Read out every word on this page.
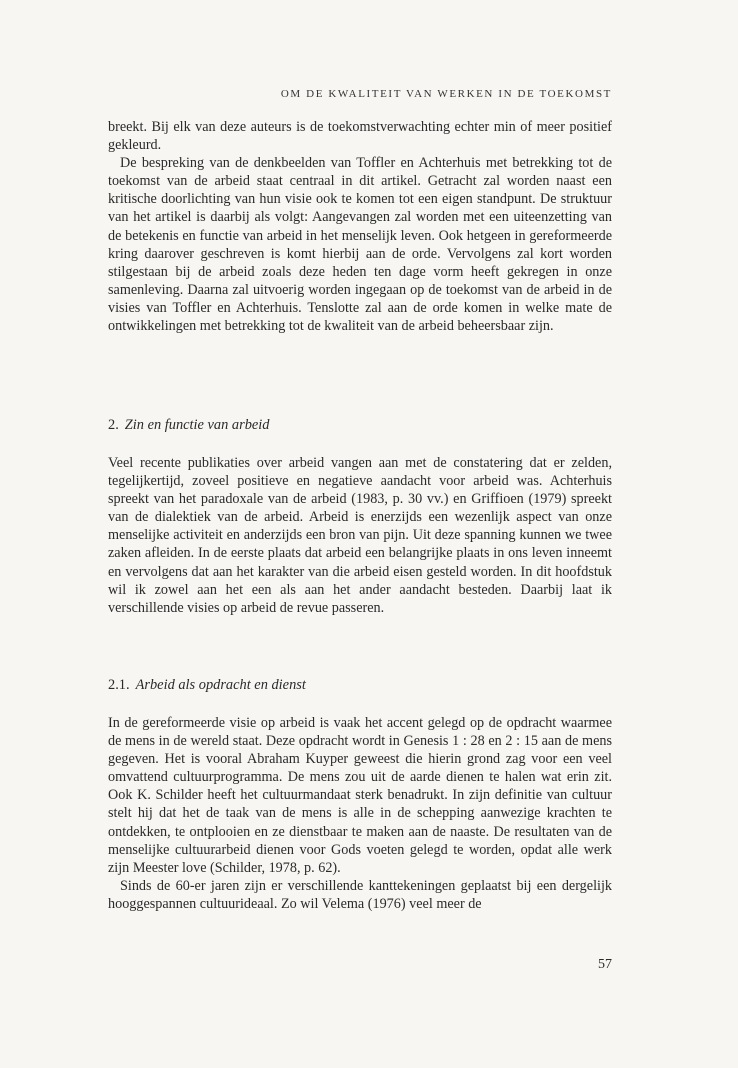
OM DE KWALITEIT VAN WERKEN IN DE TOEKOMST

breekt. Bij elk van deze auteurs is de toekomstverwachting echter min of meer positief gekleurd.

De bespreking van de denkbeelden van Toffler en Achterhuis met betrekking tot de toekomst van de arbeid staat centraal in dit artikel. Getracht zal worden naast een kritische doorlichting van hun visie ook te komen tot een eigen standpunt. De struktuur van het artikel is daarbij als volgt: Aangevangen zal worden met een uiteenzetting van de betekenis en functie van arbeid in het menselijk leven. Ook hetgeen in gereformeerde kring daarover geschreven is komt hierbij aan de orde. Vervolgens zal kort worden stilgestaan bij de arbeid zoals deze heden ten dage vorm heeft gekregen in onze samenleving. Daarna zal uitvoerig worden ingegaan op de toekomst van de arbeid in de visies van Toffler en Achterhuis. Tenslotte zal aan de orde komen in welke mate de ontwikkelingen met betrekking tot de kwaliteit van de arbeid beheersbaar zijn.

2. Zin en functie van arbeid

Veel recente publikaties over arbeid vangen aan met de constatering dat er zelden, tegelijkertijd, zoveel positieve en negatieve aandacht voor arbeid was. Achterhuis spreekt van het paradoxale van de arbeid (1983, p. 30 vv.) en Griffioen (1979) spreekt van de dialektiek van de arbeid. Arbeid is enerzijds een wezenlijk aspect van onze menselijke activiteit en anderzijds een bron van pijn. Uit deze spanning kunnen we twee zaken afleiden. In de eerste plaats dat arbeid een belangrijke plaats in ons leven inneemt en vervolgens dat aan het karakter van die arbeid eisen gesteld worden. In dit hoofdstuk wil ik zowel aan het een als aan het ander aandacht besteden. Daarbij laat ik verschillende visies op arbeid de revue passeren.

2.1. Arbeid als opdracht en dienst

In de gereformeerde visie op arbeid is vaak het accent gelegd op de opdracht waarmee de mens in de wereld staat. Deze opdracht wordt in Genesis 1 : 28 en 2 : 15 aan de mens gegeven. Het is vooral Abraham Kuyper geweest die hierin grond zag voor een veel omvattend cultuurprogramma. De mens zou uit de aarde dienen te halen wat erin zit. Ook K. Schilder heeft het cultuurmandaat sterk benadrukt. In zijn definitie van cultuur stelt hij dat het de taak van de mens is alle in de schepping aanwezige krachten te ontdekken, te ontplooien en ze dienstbaar te maken aan de naaste. De resultaten van de menselijke cultuurarbeid dienen voor Gods voeten gelegd te worden, opdat alle werk zijn Meester love (Schilder, 1978, p. 62).

Sinds de 60-er jaren zijn er verschillende kanttekeningen geplaatst bij een dergelijk hooggespannen cultuurideaal. Zo wil Velema (1976) veel meer de

57
